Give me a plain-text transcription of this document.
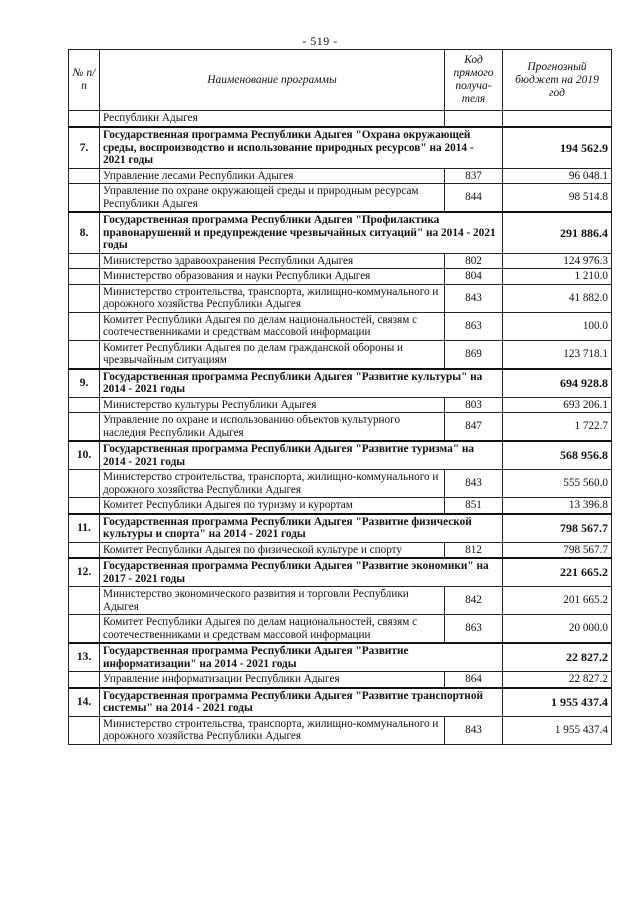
- 519 -
№ п/п	Наименование программы	Код прямого получа-теля	Прогнозный бюджет на 2019 год
	Республики Адыгея		
7.	Государственная программа Республики Адыгея "Охрана окружающей среды, воспроизводство и использование природных ресурсов" на 2014 - 2021 годы		194 562.9
	Управление лесами Республики Адыгея	837	96 048.1
	Управление по охране окружающей среды и природным ресурсам Республики Адыгея	844	98 514.8
8.	Государственная программа Республики Адыгея "Профилактика правонарушений и предупреждение чрезвычайных ситуаций" на 2014 - 2021 годы		291 886.4
	Министерство здравоохранения Республики Адыгея	802	124 976.3
	Министерство образования и науки Республики Адыгея	804	1 210.0
	Министерство строительства, транспорта, жилищно-коммунального и дорожного хозяйства Республики Адыгея	843	41 882.0
	Комитет Республики Адыгея по делам национальностей, связям с соотечественниками и средствам массовой информации	863	100.0
	Комитет Республики Адыгея по делам гражданской обороны и чрезвычайным ситуациям	869	123 718.1
9.	Государственная программа Республики Адыгея "Развитие культуры" на 2014 - 2021 годы		694 928.8
	Министерство культуры Республики Адыгея	803	693 206.1
	Управление по охране и использованию объектов культурного наследия Республики Адыгея	847	1 722.7
10.	Государственная программа Республики Адыгея "Развитие туризма" на 2014 - 2021 годы		568 956.8
	Министерство строительства, транспорта, жилищно-коммунального и дорожного хозяйства Республики Адыгея	843	555 560.0
	Комитет Республики Адыгея по туризму и курортам	851	13 396.8
11.	Государственная программа Республики Адыгея "Развитие физической культуры и спорта" на 2014 - 2021 годы		798 567.7
	Комитет Республики Адыгея по физической культуре и спорту	812	798 567.7
12.	Государственная программа Республики Адыгея "Развитие экономики" на 2017 - 2021 годы		221 665.2
	Министерство экономического развития и торговли Республики Адыгея	842	201 665.2
	Комитет Республики Адыгея по делам национальностей, связям с соотечественниками и средствам массовой информации	863	20 000.0
13.	Государственная программа Республики Адыгея "Развитие информатизации" на 2014 - 2021 годы		22 827.2
	Управление информатизации Республики Адыгея	864	22 827.2
14.	Государственная программа Республики Адыгея "Развитие транспортной системы" на 2014 - 2021 годы		1 955 437.4
	Министерство строительства, транспорта, жилищно-коммунального и дорожного хозяйства Республики Адыгея	843	1 955 437.4
